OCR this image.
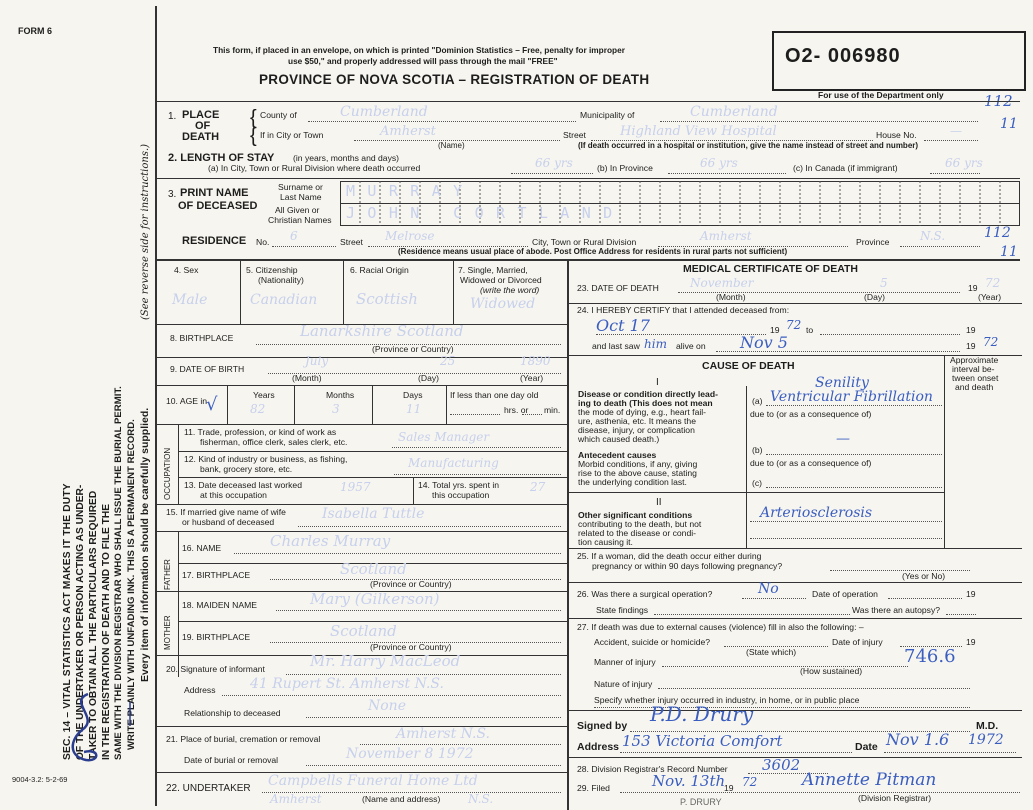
FORM 6
SEC. 14 – VITAL STATISTICS ACT MAKES IT THE DUTY OF THE UNDERTAKER OR PERSON ACTING AS UNDER- TAKER TO OBTAIN ALL THE PARTICULARS REQUIRED IN THE REGISTRATION OF DEATH AND TO FILE THE SAME WITH THE DIVISION REGISTRAR WHO SHALL ISSUE THE BURIAL PERMIT. WRITE PLAINLY WITH UNFADING INK. THIS IS A PERMANENT RECORD. Every item of information should be carefully supplied.
(See reverse side for instructions.)
9004-3.2: 5-2-69
This form, if placed in an envelope, on which is printed "Dominion Statistics – Free, penalty for improper
use $50," and properly addressed will pass through the mail "FREE"
PROVINCE OF NOVA SCOTIA – REGISTRATION OF DEATH
O2- 006980
For use of the Department only	112
1. PLACE
OF
DEATH
{
{
County of	Cumberland	Municipality of	Cumberland
If in City or Town	Amherst	Street	Highland View Hospital	House No.	—
(Name)	(If death occurred in a hospital or institution, give the name instead of street and number)
11
2. LENGTH OF STAY (in years, months and days)
(a) In City, Town or Rural Division where death occurred	66 yrs	(b) In Province	66 yrs	(c) In Canada (if immigrant)	66 yrs
3. PRINT NAME
OF DECEASED
Surname or
Last Name
All Given or
Christian Names
MURRAY
JOHN CORTLAND
RESIDENCE No. 6	Street Melrose	City, Town or Rural Division	Amherst	Province	N.S.	112
11
(Residence means usual place of abode. Post Office Address for residents in rural parts not sufficient)
4. Sex
Male
5. Citizenship
(Nationality)
Canadian
6. Racial Origin
Scottish
7. Single, Married,
Widowed or Divorced
(write the word)
Widowed
8. BIRTHPLACE	Lanarkshire Scotland
(Province or Country)
9. DATE OF BIRTH
July	25	1890
(Month)	(Day)	(Year)
10. AGE in
√	Years	Months	Days	If less than one day old
82	3	11	hrs. or min.
OCCUPATION
11. Trade, profession, or kind of work as
fisherman, office clerk, sales clerk, etc.	Sales Manager
12. Kind of industry or business, as fishing,
bank, grocery store, etc.	Manufacturing
13. Date deceased last worked
at this occupation
1957	14. Total yrs. spent in
this occupation
27
15. If married give name of wife
or husband of deceased	Isabella Tuttle
FATHER
16. NAME	Charles Murray
17. BIRTHPLACE	Scotland
(Province or Country)
MOTHER
18. MAIDEN NAME	Mary (Gilkerson)
19. BIRTHPLACE	Scotland
(Province or Country)
20. Signature of informant	Mr. Harry MacLeod
Address 41 Rupert St. Amherst N.S.
Relationship to deceased	None
21. Place of burial, cremation or removal	Amherst N.S.
Date of burial or removal	November 8 1972
22. UNDERTAKER Campbells Funeral Home Ltd
Amherst	(Name and address) N.S.
MEDICAL CERTIFICATE OF DEATH
23. DATE OF DEATH	November	5	19 72
(Month)	(Day)	(Year)
24. I HEREBY CERTIFY that I attended deceased from:
Oct 17	19 72 to	19
and last saw him alive on Nov 5	19 72
CAUSE OF DEATH	Approximate
interval be-
tween onset
and death
I
Disease or condition directly lead-
ing to death (This does not mean
the mode of dying, e.g., heart fail-
ure, asthenia, etc. It means the
disease, injury, or complication
which caused death.)
(a)
Senility
Ventricular Fibrillation
due to (or as a consequence of)
—
(b)
Antecedent causes
Morbid conditions, if any, giving
rise to the above cause, stating
the underlying condition last.
due to (or as a consequence of)
(c)
II
Other significant conditions
contributing to the death, but not
related to the disease or condi-
tion causing it.
Arteriosclerosis
25. If a woman, did the death occur either during
pregnancy or within 90 days following pregnancy?
(Yes or No)
26. Was there a surgical operation?	No	Date of operation	19
State findings	Was there an autopsy?
27. If death was due to external causes (violence) fill in also the following: –
Accident, suicide or homicide?	Date of injury	19
(State which)
Manner of injury	746.6
(How sustained)
Nature of injury
Specify whether injury occurred in industry, in home, or in public place
Signed by P.D. Drury	M.D.
Address 153 Victoria Comfort	Date Nov 1.6 1972
28. Division Registrar's Record Number 3602
29. Filed	Nov. 13th
19 72	Annette Pitman
(Division Registrar)
P. DRURY
